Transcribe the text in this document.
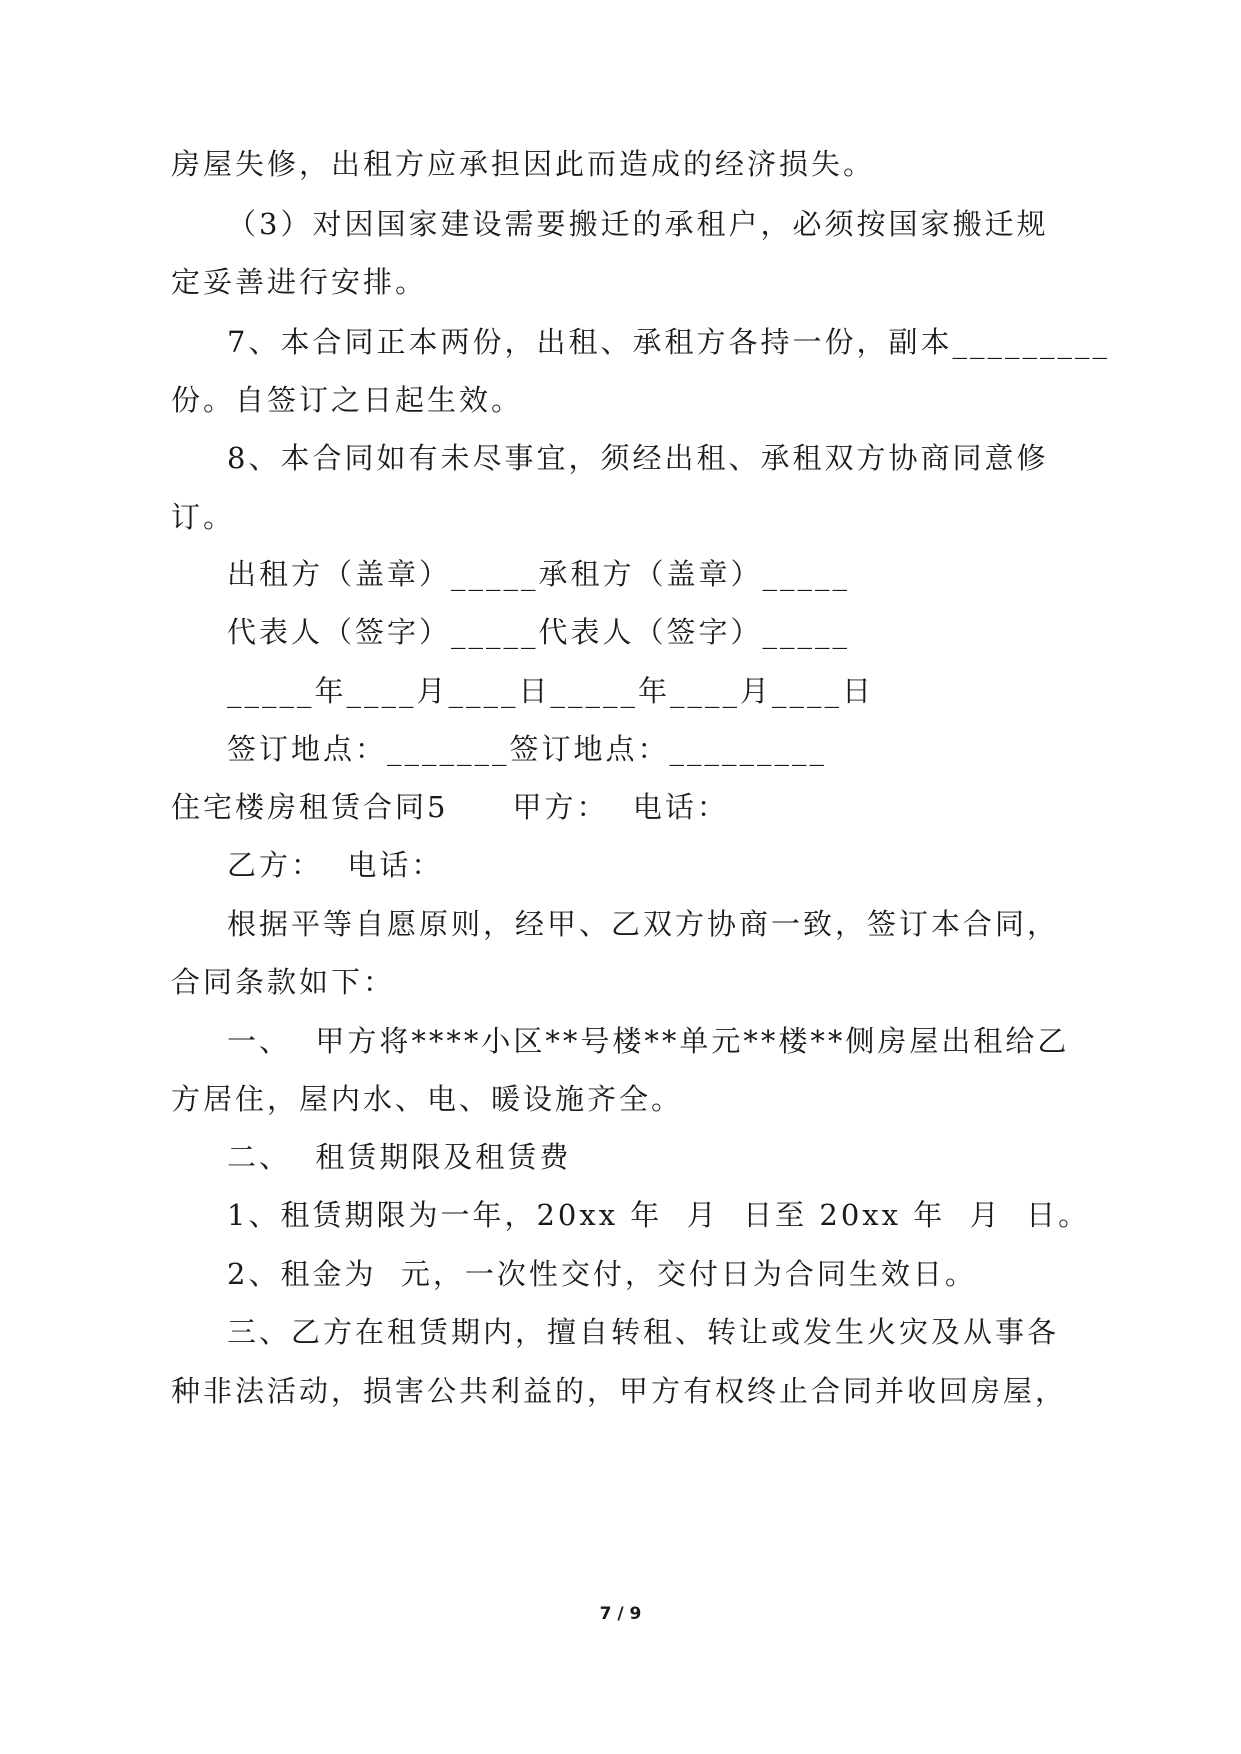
房屋失修，出租方应承担因此而造成的经济损失。
（3）对因国家建设需要搬迁的承租户，必须按国家搬迁规
定妥善进行安排。
7、本合同正本两份，出租、承租方各持一份，副本_________
份。自签订之日起生效。
8、本合同如有未尽事宜，须经出租、承租双方协商同意修
订。
出租方（盖章）_____承租方（盖章）_____
代表人（签字）_____代表人（签字）_____
_____年____月____日_____年____月____日
签订地点：_______签订地点：_________
住宅楼房租赁合同5　　甲方：  电话：
乙方：  电话：
根据平等自愿原则，经甲、乙双方协商一致，签订本合同，
合同条款如下：
一、  甲方将****小区**号楼**单元**楼**侧房屋出租给乙
方居住，屋内水、电、暖设施齐全。
二、  租赁期限及租赁费
1、租赁期限为一年，20xx 年  月  日至 20xx 年  月  日。
2、租金为  元，一次性交付，交付日为合同生效日。
三、乙方在租赁期内，擅自转租、转让或发生火灾及从事各
种非法活动，损害公共利益的，甲方有权终止合同并收回房屋，
7 / 9
